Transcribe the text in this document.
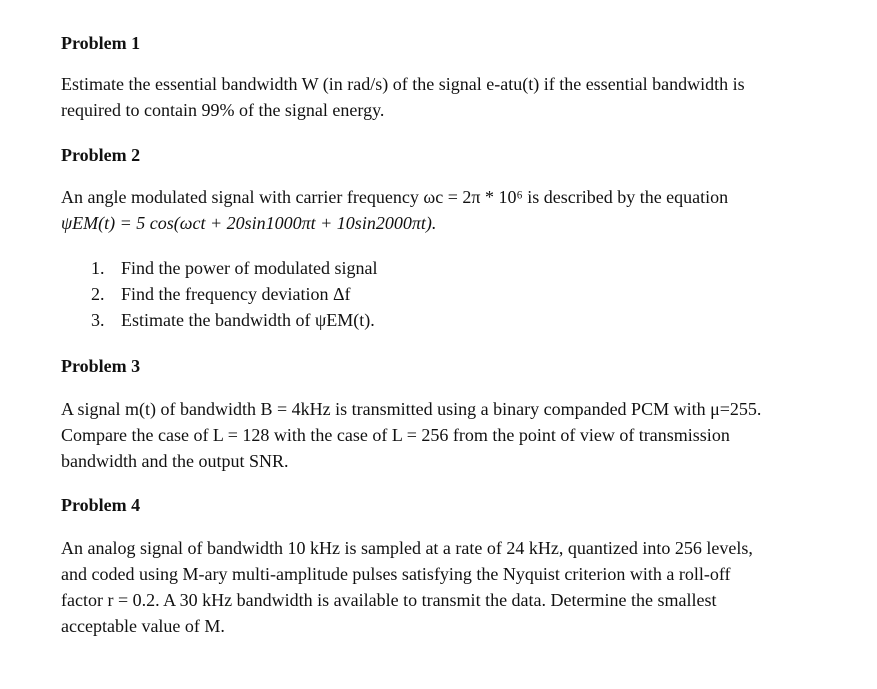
Problem 1
Estimate the essential bandwidth W (in rad/s) of the signal e-atu(t) if the essential bandwidth is
required to contain 99% of the signal energy.
Problem 2
An angle modulated signal with carrier frequency ωc = 2π * 10⁶ is described by the equation
ψEM(t) = 5 cos(ωct + 20sin1000πt + 10sin2000πt).
1. Find the power of modulated signal
2. Find the frequency deviation Δf
3. Estimate the bandwidth of ψEM(t).
Problem 3
A signal m(t) of bandwidth B = 4kHz is transmitted using a binary companded PCM with μ=255.
Compare the case of L = 128 with the case of L = 256 from the point of view of transmission
bandwidth and the output SNR.
Problem 4
An analog signal of bandwidth 10 kHz is sampled at a rate of 24 kHz, quantized into 256 levels,
and coded using M-ary multi-amplitude pulses satisfying the Nyquist criterion with a roll-off
factor r = 0.2. A 30 kHz bandwidth is available to transmit the data. Determine the smallest
acceptable value of M.
